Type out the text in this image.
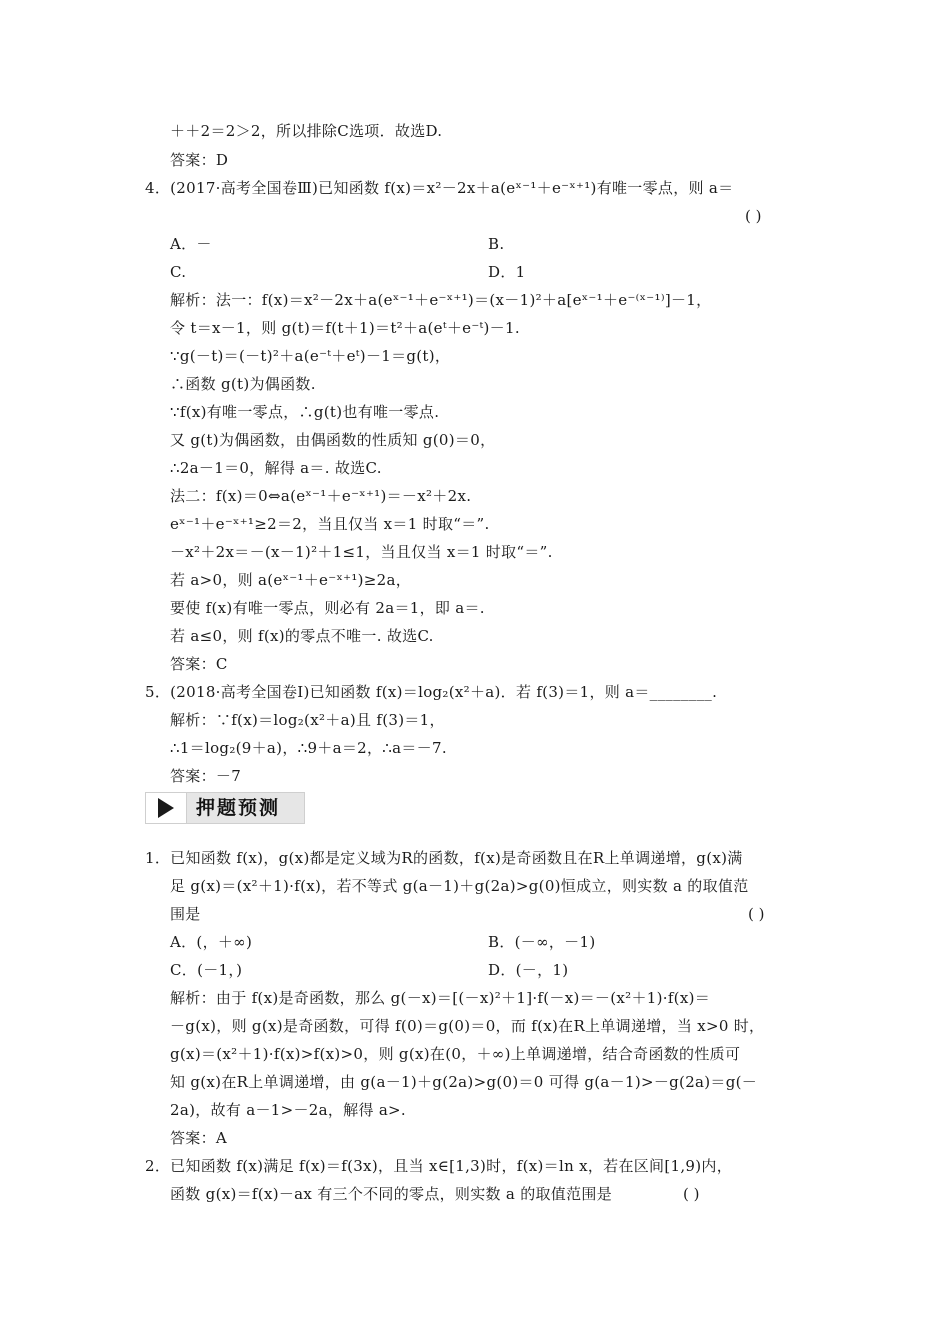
＋＋2＝2＞2，所以排除C选项．故选D.
答案：D
4．(2017·高考全国卷Ⅲ)已知函数 f(x)＝x²－2x＋a(eˣ⁻¹＋e⁻ˣ⁺¹)有唯一零点，则 a＝
A．－	B.
C.	D．1
解析：法一：f(x)＝x²－2x＋a(eˣ⁻¹＋e⁻ˣ⁺¹)＝(x－1)²＋a[eˣ⁻¹＋e⁻⁽ˣ⁻¹⁾]－1，
令 t＝x－1，则 g(t)＝f(t＋1)＝t²＋a(eᵗ＋e⁻ᵗ)－1.
∵g(－t)＝(－t)²＋a(e⁻ᵗ＋eᵗ)－1＝g(t)，
∴函数 g(t)为偶函数.
∵f(x)有唯一零点，∴g(t)也有唯一零点.
又 g(t)为偶函数，由偶函数的性质知 g(0)＝0，
∴2a－1＝0，解得 a＝. 故选C.
法二：f(x)＝0⇔a(eˣ⁻¹＋e⁻ˣ⁺¹)＝－x²＋2x.
eˣ⁻¹＋e⁻ˣ⁺¹≥2＝2，当且仅当 x＝1 时取“＝”.
－x²＋2x＝－(x－1)²＋1≤1，当且仅当 x＝1 时取“＝”.
若 a>0，则 a(eˣ⁻¹＋e⁻ˣ⁺¹)≥2a，
要使 f(x)有唯一零点，则必有 2a＝1，即 a＝.
若 a≤0，则 f(x)的零点不唯一. 故选C.
答案：C
5．(2018·高考全国卷Ⅰ)已知函数 f(x)＝log₂(x²＋a)．若 f(3)＝1，则 a＝________.
解析：∵f(x)＝log₂(x²＋a)且 f(3)＝1，
∴1＝log₂(9＋a)，∴9＋a＝2，∴a＝－7.
答案：－7
1．已知函数 f(x)，g(x)都是定义域为R的函数，f(x)是奇函数且在R上单调递增，g(x)满
足 g(x)＝(x²＋1)·f(x)，若不等式 g(a－1)＋g(2a)>g(0)恒成立，则实数 a 的取值范
围是
A．(，＋∞)	B．(－∞，－1)
C．(－1，)	D．(－，1)
解析：由于 f(x)是奇函数，那么 g(－x)＝[(－x)²＋1]·f(－x)＝－(x²＋1)·f(x)＝
－g(x)，则 g(x)是奇函数，可得 f(0)＝g(0)＝0，而 f(x)在R上单调递增，当 x>0 时，
g(x)＝(x²＋1)·f(x)>f(x)>0，则 g(x)在(0，＋∞)上单调递增，结合奇函数的性质可
知 g(x)在R上单调递增，由 g(a－1)＋g(2a)>g(0)＝0 可得 g(a－1)>－g(2a)＝g(－
2a)，故有 a－1>－2a，解得 a>.
答案：A
2．已知函数 f(x)满足 f(x)＝f(3x)，且当 x∈[1,3)时，f(x)＝ln x，若在区间[1,9)内，
函数 g(x)＝f(x)－ax 有三个不同的零点，则实数 a 的取值范围是
( )
( )
( )
押题预测
